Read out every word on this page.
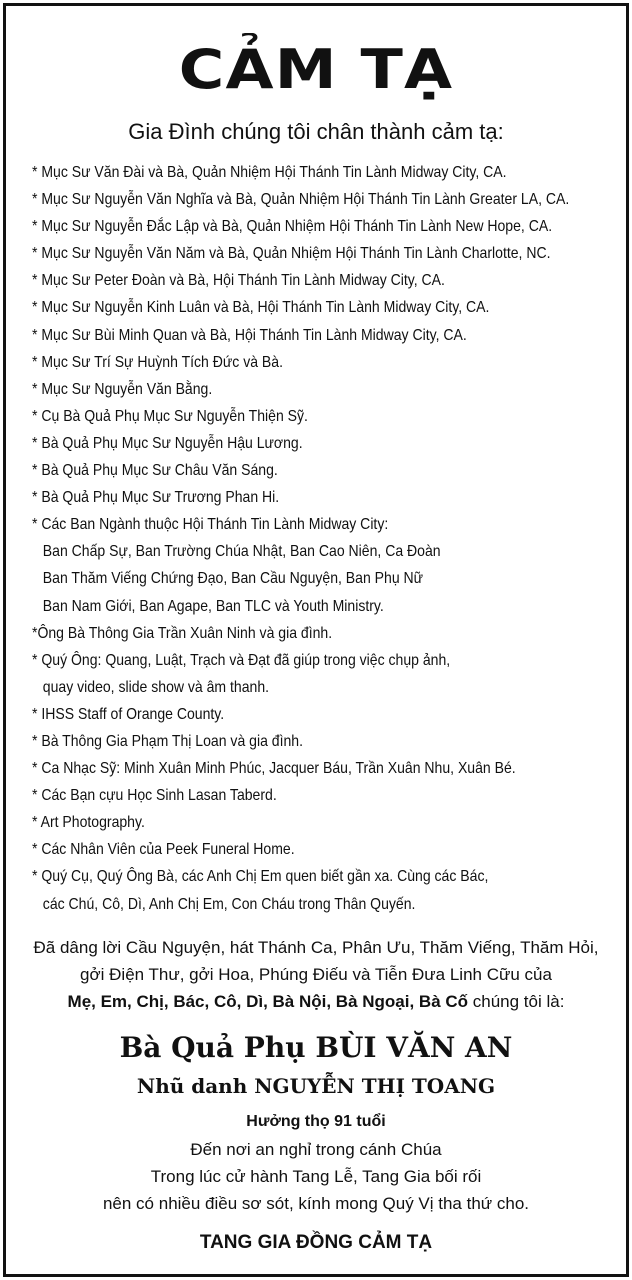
CẢM TẠ
Gia Đình chúng tôi chân thành cảm tạ:
* Mục Sư Văn Đài và Bà, Quản Nhiệm Hội Thánh Tin Lành Midway City, CA.
* Mục Sư Nguyễn Văn Nghĩa và Bà, Quản Nhiệm Hội Thánh Tin Lành Greater LA, CA.
* Mục Sư Nguyễn Đắc Lập và Bà, Quản Nhiệm Hội Thánh Tin Lành New Hope, CA.
* Mục Sư Nguyễn Văn Năm và Bà, Quản Nhiệm Hội Thánh Tin Lành Charlotte, NC.
* Mục Sư Peter Đoàn và Bà, Hội Thánh Tin Lành Midway City, CA.
* Mục Sư Nguyễn Kinh Luân và Bà, Hội Thánh Tin Lành Midway City, CA.
* Mục Sư Bùi Minh Quan và Bà, Hội Thánh Tin Lành Midway City, CA.
* Mục Sư Trí Sự Huỳnh Tích Đức và Bà.
* Mục Sư Nguyễn Văn Bằng.
* Cụ Bà Quả Phụ Mục Sư Nguyễn Thiện Sỹ.
* Bà Quả Phụ Mục Sư Nguyễn Hậu Lương.
* Bà Quả Phụ Mục Sư Châu Văn Sáng.
* Bà Quả Phụ Mục Sư Trương Phan Hi.
* Các Ban Ngành thuộc Hội Thánh Tin Lành Midway City:
Ban Chấp Sự, Ban Trường Chúa Nhật, Ban Cao Niên, Ca Đoàn
Ban Thăm Viếng Chứng Đạo, Ban Cầu Nguyện, Ban Phụ Nữ
Ban Nam Giới, Ban Agape, Ban TLC và Youth Ministry.
*Ông Bà Thông Gia Trần Xuân Ninh và gia đình.
* Quý Ông: Quang, Luật, Trạch và Đạt đã giúp trong việc chụp ảnh,
quay video, slide show và âm thanh.
* IHSS Staff of Orange County.
* Bà Thông Gia Phạm Thị Loan và gia đình.
* Ca Nhạc Sỹ: Minh Xuân Minh Phúc, Jacquer Báu, Trần Xuân Nhu, Xuân Bé.
* Các Bạn cựu Học Sinh Lasan Taberd.
* Art Photography.
* Các Nhân Viên của Peek Funeral Home.
* Quý Cụ, Quý Ông Bà, các Anh Chị Em quen biết gần xa. Cùng các Bác,
các Chú, Cô, Dì, Anh Chị Em, Con Cháu trong Thân Quyến.
Đã dâng lời Cầu Nguyện, hát Thánh Ca, Phân Ưu, Thăm Viếng, Thăm Hỏi,
gởi Điện Thư, gởi Hoa, Phúng Điếu và Tiễn Đưa Linh Cữu của
Mẹ, Em, Chị, Bác, Cô, Dì, Bà Nội, Bà Ngoại, Bà Cố chúng tôi là:
Bà Quả Phụ BÙI VĂN AN
Nhũ danh NGUYỄN THỊ TOANG
Hưởng thọ 91 tuổi
Đến nơi an nghỉ trong cánh Chúa
Trong lúc cử hành Tang Lễ, Tang Gia bối rối
nên có nhiều điều sơ sót, kính mong Quý Vị tha thứ cho.
TANG GIA ĐỒNG CẢM TẠ
